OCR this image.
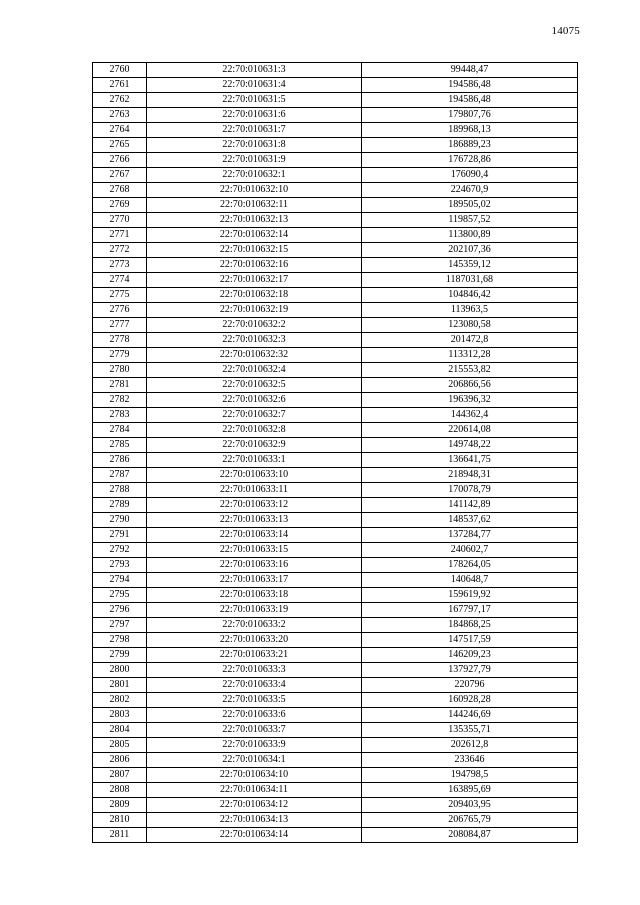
14075
2760	22:70:010631:3	99448,47
2761	22:70:010631:4	194586,48
2762	22:70:010631:5	194586,48
2763	22:70:010631:6	179807,76
2764	22:70:010631:7	189968,13
2765	22:70:010631:8	186889,23
2766	22:70:010631:9	176728,86
2767	22:70:010632:1	176090,4
2768	22:70:010632:10	224670,9
2769	22:70:010632:11	189505,02
2770	22:70:010632:13	119857,52
2771	22:70:010632:14	113800,89
2772	22:70:010632:15	202107,36
2773	22:70:010632:16	145359,12
2774	22:70:010632:17	1187031,68
2775	22:70:010632:18	104846,42
2776	22:70:010632:19	113963,5
2777	22:70:010632:2	123080,58
2778	22:70:010632:3	201472,8
2779	22:70:010632:32	113312,28
2780	22:70:010632:4	215553,82
2781	22:70:010632:5	206866,56
2782	22:70:010632:6	196396,32
2783	22:70:010632:7	144362,4
2784	22:70:010632:8	220614,08
2785	22:70:010632:9	149748,22
2786	22:70:010633:1	136641,75
2787	22:70:010633:10	218948,31
2788	22:70:010633:11	170078,79
2789	22:70:010633:12	141142,89
2790	22:70:010633:13	148537,62
2791	22:70:010633:14	137284,77
2792	22:70:010633:15	240602,7
2793	22:70:010633:16	178264,05
2794	22:70:010633:17	140648,7
2795	22:70:010633:18	159619,92
2796	22:70:010633:19	167797,17
2797	22:70:010633:2	184868,25
2798	22:70:010633:20	147517,59
2799	22:70:010633:21	146209,23
2800	22:70:010633:3	137927,79
2801	22:70:010633:4	220796
2802	22:70:010633:5	160928,28
2803	22:70:010633:6	144246,69
2804	22:70:010633:7	135355,71
2805	22:70:010633:9	202612,8
2806	22:70:010634:1	233646
2807	22:70:010634:10	194798,5
2808	22:70:010634:11	163895,69
2809	22:70:010634:12	209403,95
2810	22:70:010634:13	206765,79
2811	22:70:010634:14	208084,87
